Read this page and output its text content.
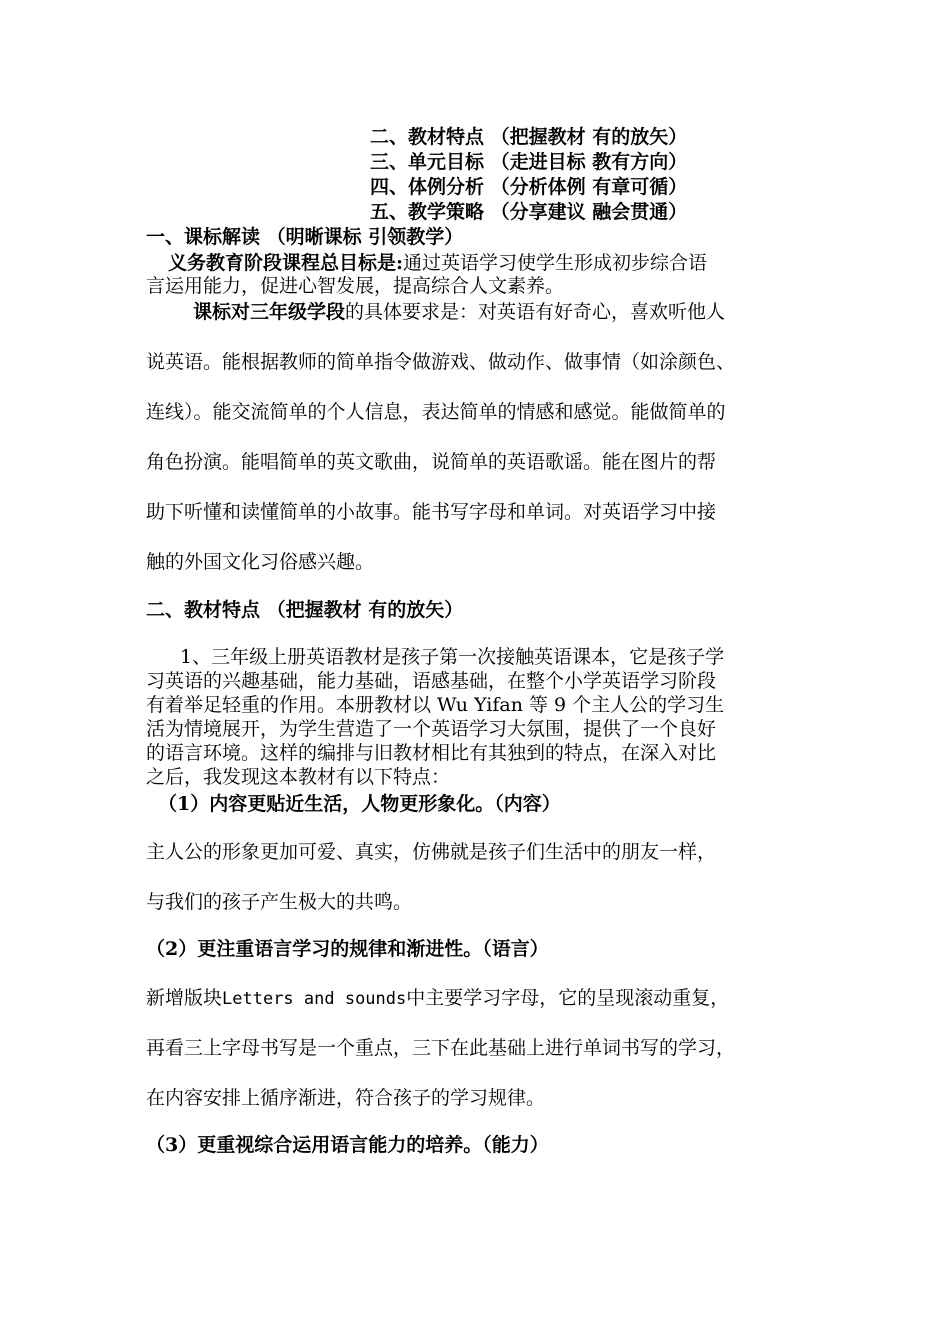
二、教材特点 （把握教材 有的放矢）
三、单元目标 （走进目标 教有方向）
四、体例分析 （分析体例 有章可循）
五、教学策略 （分享建议 融会贯通）
一、课标解读 （明晰课标 引领教学）
义务教育阶段课程总目标是:通过英语学习使学生形成初步综合语
言运用能力，促进心智发展，提高综合人文素养。
课标对三年级学段的具体要求是：对英语有好奇心，喜欢听他人
说英语。能根据教师的简单指令做游戏、做动作、做事情（如涂颜色、
连线）。能交流简单的个人信息，表达简单的情感和感觉。能做简单的
角色扮演。能唱简单的英文歌曲，说简单的英语歌谣。能在图片的帮
助下听懂和读懂简单的小故事。能书写字母和单词。对英语学习中接
触的外国文化习俗感兴趣。
二、教材特点 （把握教材 有的放矢）
1、三年级上册英语教材是孩子第一次接触英语课本，它是孩子学
习英语的兴趣基础，能力基础，语感基础，在整个小学英语学习阶段
有着举足轻重的作用。本册教材以 Wu Yifan 等 9 个主人公的学习生
活为情境展开，为学生营造了一个英语学习大氛围，提供了一个良好
的语言环境。这样的编排与旧教材相比有其独到的特点，在深入对比
之后，我发现这本教材有以下特点：
（1）内容更贴近生活，人物更形象化。（内容）
主人公的形象更加可爱、真实，仿佛就是孩子们生活中的朋友一样，
与我们的孩子产生极大的共鸣。
（2）更注重语言学习的规律和渐进性。（语言）
新增版块Letters and sounds中主要学习字母，它的呈现滚动重复，
再看三上字母书写是一个重点，三下在此基础上进行单词书写的学习，
在内容安排上循序渐进，符合孩子的学习规律。
（3）更重视综合运用语言能力的培养。（能力）
